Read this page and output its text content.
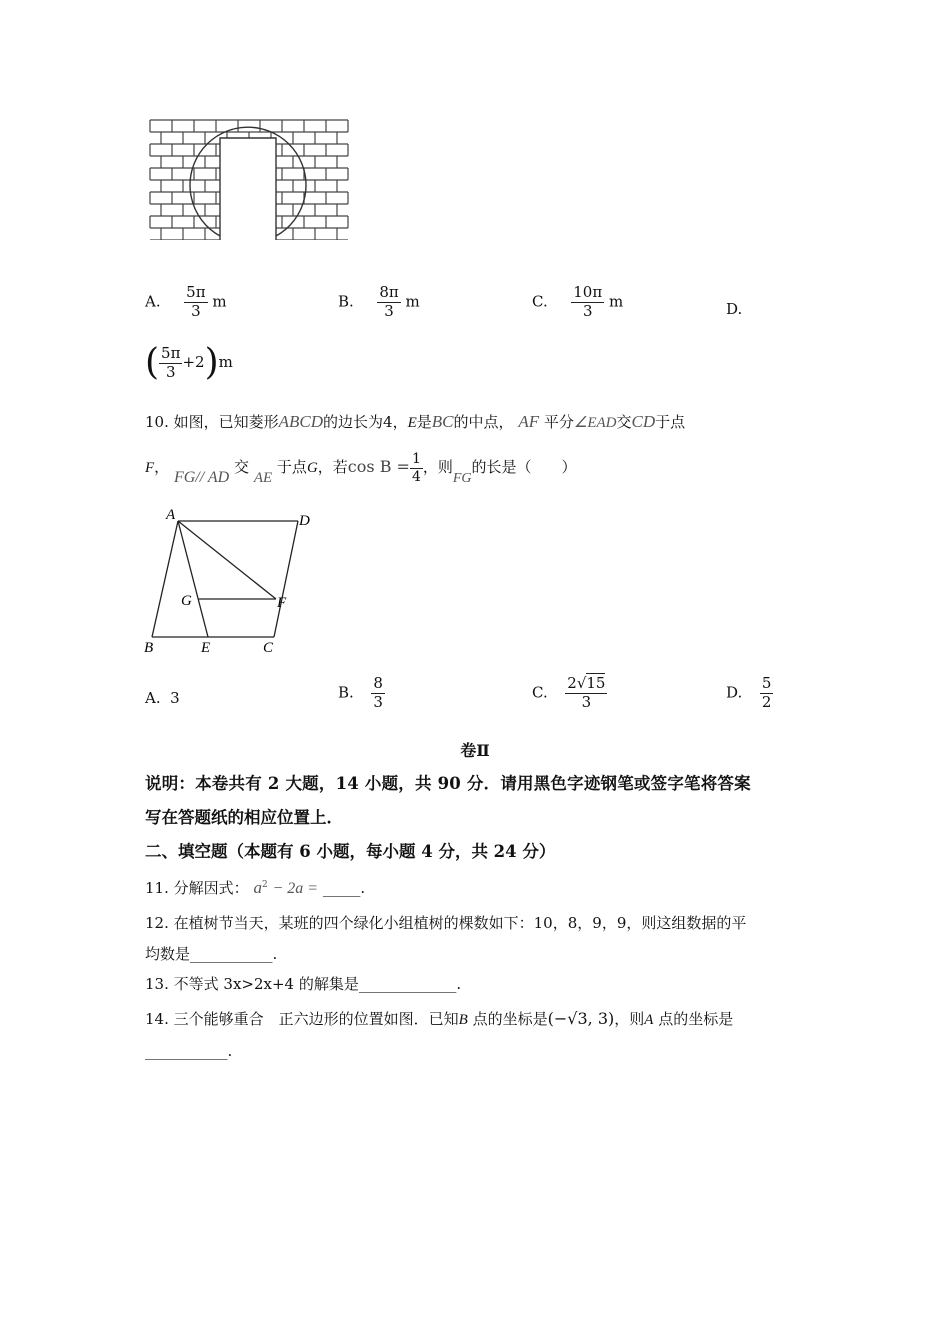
A. $\frac{5\pi}{3}$ m	B. $\frac{8\pi}{3}$ m	C. $\frac{10\pi}{3}$ m	D.
( $\frac{5\pi}{3} +2)m$
10. 如图，已知菱形ABCD的边长为4，E是BC的中点， AF 平分∠EAD交CD于点
F， FG// AD 交 AE 于点G，若$\cos B = \frac{1}{4}$ ，则FG的长是（　　）
A	D
G	F
B	E	C
A. 3	B. $\frac{8}{3}$	C. $\frac{2√15}{3}$	D. $\frac{5}{2}$
卷Ⅱ
说明：本卷共有 2 大题，14 小题，共 90 分．请用黑色字迹钢笔或签字笔将答案
写在答题纸的相应位置上．
二、填空题（本题有 6 小题，每小题 4 分，共 24 分）
11. 分解因式： $a^2 - 2a$ = _____.
12. 在植树节当天，某班的四个绿化小组植树的棵数如下：10，8，9，9，则这组数据的平
均数是___________.
13. 不等式 3x>2x+4 的解集是_____________.
14. 三个能够重合　正六边形的位置如图．已知B 点的坐标是(−√3, 3)，则A 点的坐标是
___________.
